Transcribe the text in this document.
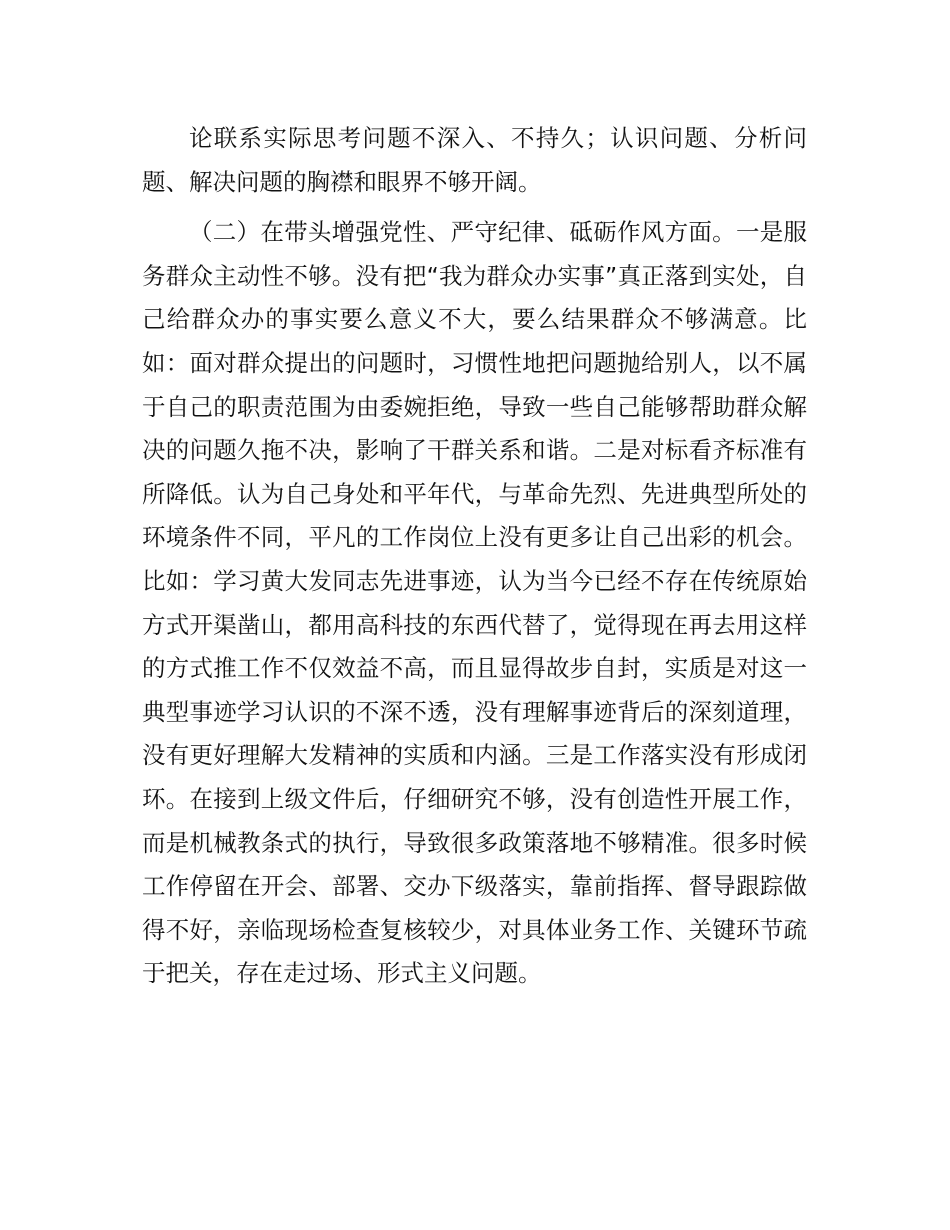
论联系实际思考问题不深入、不持久；认识问题、分析问题、解决问题的胸襟和眼界不够开阔。

（二）在带头增强党性、严守纪律、砥砺作风方面。一是服务群众主动性不够。没有把“我为群众办实事”真正落到实处，自己给群众办的事实要么意义不大，要么结果群众不够满意。比如：面对群众提出的问题时，习惯性地把问题抛给别人，以不属于自己的职责范围为由委婉拒绝，导致一些自己能够帮助群众解决的问题久拖不决，影响了干群关系和谐。二是对标看齐标准有所降低。认为自己身处和平年代，与革命先烈、先进典型所处的环境条件不同，平凡的工作岗位上没有更多让自己出彩的机会。比如：学习黄大发同志先进事迹，认为当今已经不存在传统原始方式开渠凿山，都用高科技的东西代替了，觉得现在再去用这样的方式推工作不仅效益不高，而且显得故步自封，实质是对这一典型事迹学习认识的不深不透，没有理解事迹背后的深刻道理，没有更好理解大发精神的实质和内涵。三是工作落实没有形成闭环。在接到上级文件后，仔细研究不够，没有创造性开展工作，而是机械教条式的执行，导致很多政策落地不够精准。很多时候工作停留在开会、部署、交办下级落实，靠前指挥、督导跟踪做得不好，亲临现场检查复核较少，对具体业务工作、关键环节疏于把关，存在走过场、形式主义问题。
